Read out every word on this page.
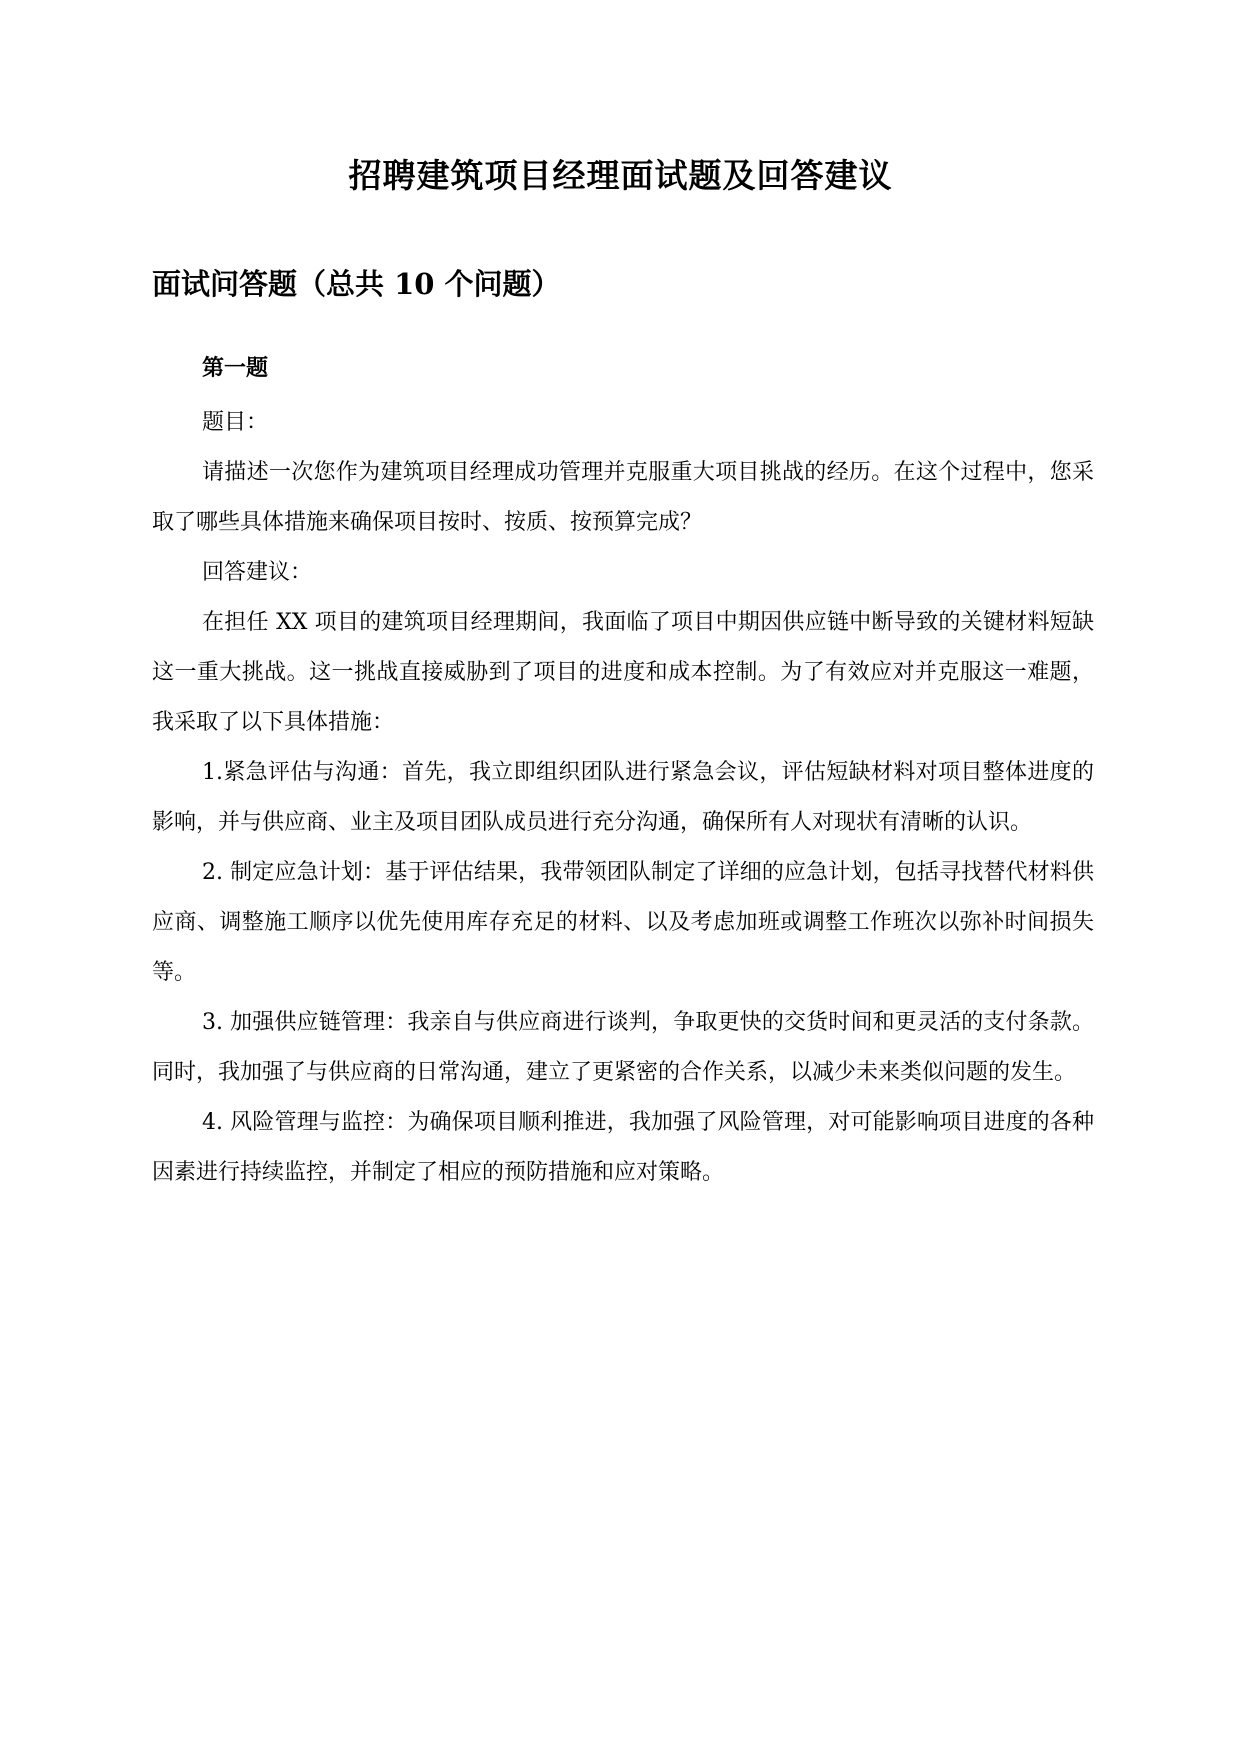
招聘建筑项目经理面试题及回答建议
面试问答题（总共 10 个问题）
第一题

题目：

请描述一次您作为建筑项目经理成功管理并克服重大项目挑战的经历。在这个过程中，您采取了哪些具体措施来确保项目按时、按质、按预算完成？

回答建议：

在担任 XX 项目的建筑项目经理期间，我面临了项目中期因供应链中断导致的关键材料短缺这一重大挑战。这一挑战直接威胁到了项目的进度和成本控制。为了有效应对并克服这一难题，我采取了以下具体措施：

1.紧急评估与沟通：首先，我立即组织团队进行紧急会议，评估短缺材料对项目整体进度的影响，并与供应商、业主及项目团队成员进行充分沟通，确保所有人对现状有清晰的认识。

2. 制定应急计划：基于评估结果，我带领团队制定了详细的应急计划，包括寻找替代材料供应商、调整施工顺序以优先使用库存充足的材料、以及考虑加班或调整工作班次以弥补时间损失等。

3. 加强供应链管理：我亲自与供应商进行谈判，争取更快的交货时间和更灵活的支付条款。同时，我加强了与供应商的日常沟通，建立了更紧密的合作关系，以减少未来类似问题的发生。

4. 风险管理与监控：为确保项目顺利推进，我加强了风险管理，对可能影响项目进度的各种因素进行持续监控，并制定了相应的预防措施和应对策略。
